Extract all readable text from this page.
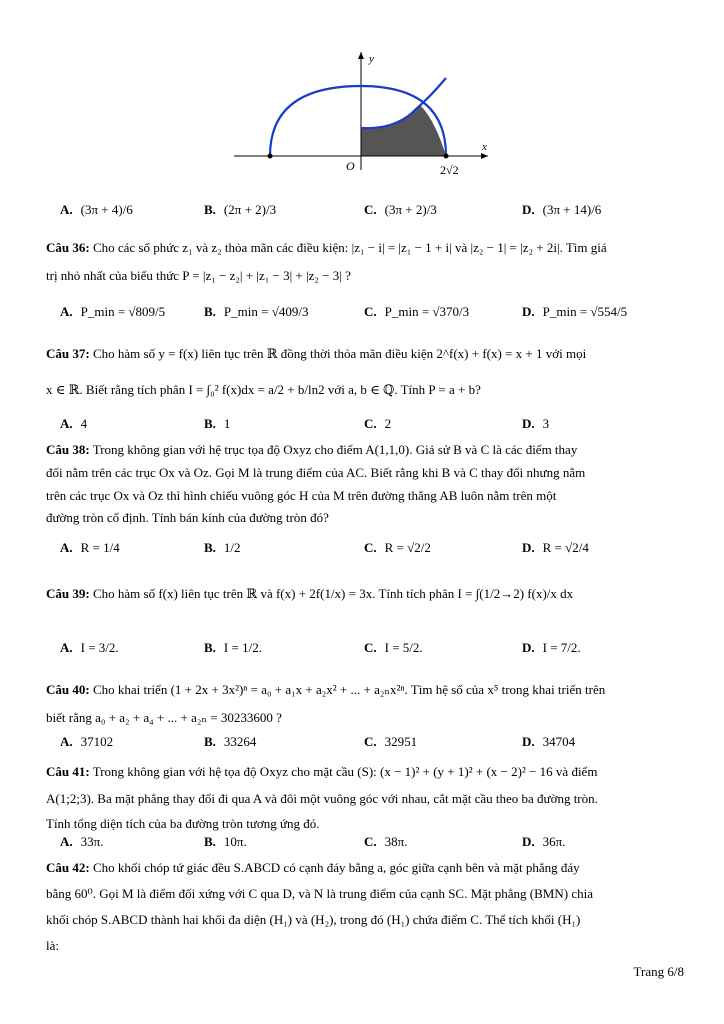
y
x
O	2√2
A. (3π + 4)/6	B. (2π + 2)/3	C. (3π + 2)/3	D. (3π + 14)/6
Câu 36: Cho các số phức z₁ và z₂ thỏa mãn các điều kiện: |z₁ − i| = |z₁ − 1 + i| và |z₂ − 1| = |z₂ + 2i|. Tìm giá
trị nhỏ nhất của biểu thức P = |z₁ − z₂| + |z₁ − 3| + |z₂ − 3| ?
A. P_min = √809/5	B. P_min = √409/3	C. P_min = √370/3	D. P_min = √554/5
Câu 37: Cho hàm số y = f(x) liên tục trên ℝ đồng thời thỏa mãn điều kiện 2^f(x) + f(x) = x + 1 với mọi
x ∈ ℝ. Biết rằng tích phân I = ∫₀² f(x)dx = a/2 + b/ln2 với a, b ∈ ℚ. Tính P = a + b?
A. 4	B. 1	C. 2	D. 3
Câu 38: Trong không gian với hệ trục tọa độ Oxyz cho điểm A(1,1,0). Giả sử B và C là các điểm thay
đổi nằm trên các trục Ox và Oz. Gọi M là trung điểm của AC. Biết rằng khi B và C thay đổi nhưng nằm
trên các trục Ox và Oz thì hình chiếu vuông góc H của M trên đường thẳng AB luôn nằm trên một
đường tròn cố định. Tính bán kính của đường tròn đó?
A. R = 1/4	B. 1/2	C. R = √2/2	D. R = √2/4
Câu 39: Cho hàm số f(x) liên tục trên ℝ và f(x) + 2f(1/x) = 3x. Tính tích phân I = ∫(1/2→2) f(x)/x dx
A. I = 3/2.	B. I = 1/2.	C. I = 5/2.	D. I = 7/2.
Câu 40: Cho khai triển (1 + 2x + 3x²)ⁿ = a₀ + a₁x + a₂x² + ... + a₂ₙx²ⁿ. Tìm hệ số của x⁵ trong khai triển trên
biết rằng a₀ + a₂ + a₄ + ... + a₂ₙ = 30233600 ?
A. 37102	B. 33264	C. 32951	D. 34704
Câu 41: Trong không gian với hệ tọa độ Oxyz cho mặt cầu (S): (x − 1)² + (y + 1)² + (x − 2)² − 16 và điểm
A(1;2;3). Ba mặt phẳng thay đổi đi qua A và đôi một vuông góc với nhau, cắt mặt cầu theo ba đường tròn.
Tính tổng diện tích của ba đường tròn tương ứng đó.
A. 33π.	B. 10π.	C. 38π.	D. 36π.
Câu 42: Cho khối chóp tứ giác đều S.ABCD có cạnh đáy bằng a, góc giữa cạnh bên và mặt phẳng đáy
bằng 60⁰. Gọi M là điểm đối xứng với C qua D, và N là trung điểm của cạnh SC. Mặt phẳng (BMN) chia
khối chóp S.ABCD thành hai khối đa diện (H₁) và (H₂), trong đó (H₁) chứa điểm C. Thể tích khối (H₁)
là:
Trang 6/8
